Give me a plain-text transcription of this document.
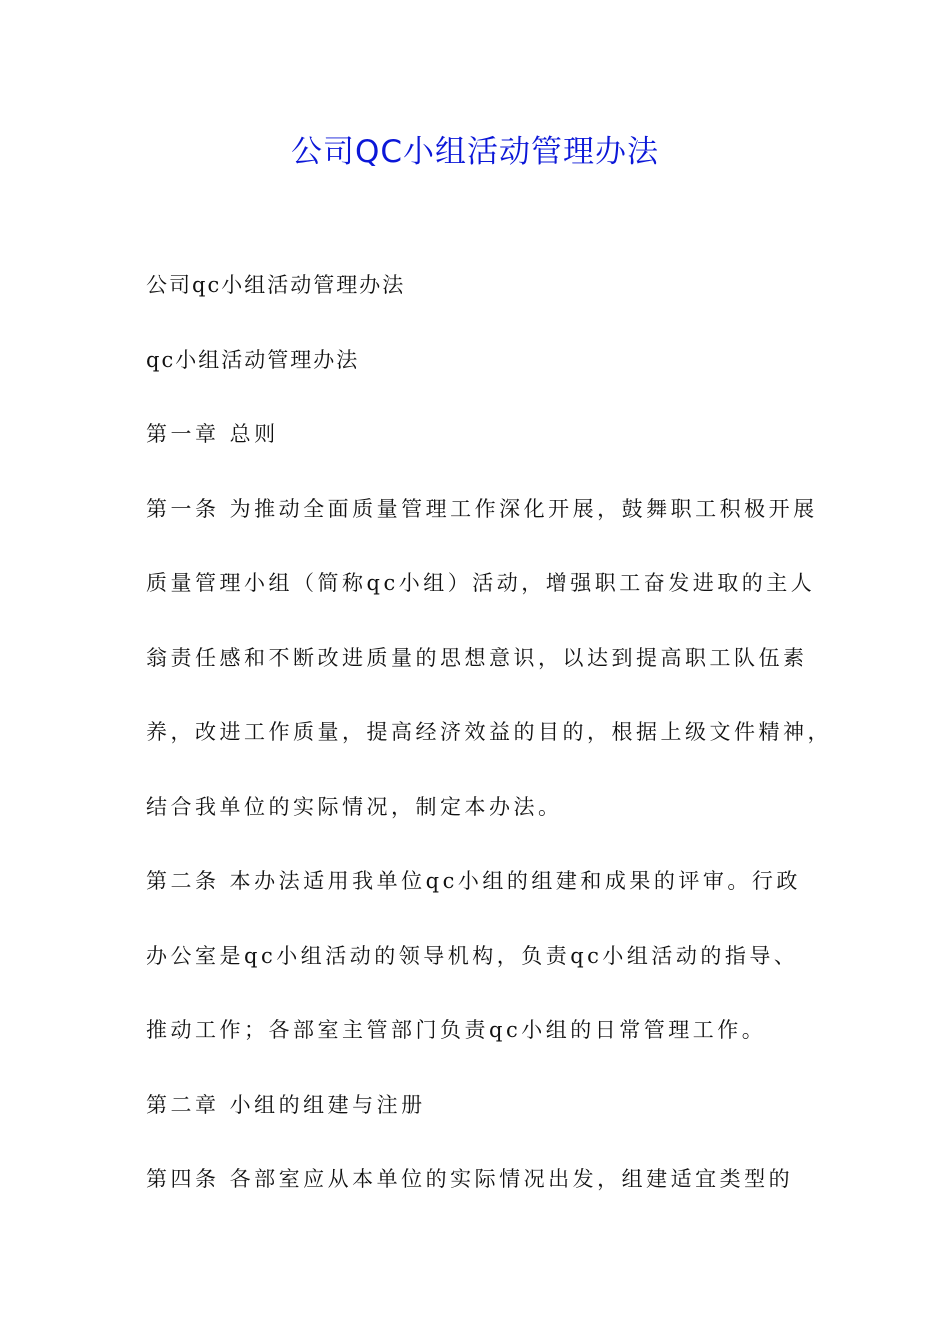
公司QC小组活动管理办法

公司qc小组活动管理办法

qc小组活动管理办法

第一章 总则

第一条 为推动全面质量管理工作深化开展，鼓舞职工积极开展

质量管理小组（简称qc小组）活动，增强职工奋发进取的主人

翁责任感和不断改进质量的思想意识，以达到提高职工队伍素

养，改进工作质量，提高经济效益的目的，根据上级文件精神，

结合我单位的实际情况，制定本办法。

第二条 本办法适用我单位qc小组的组建和成果的评审。行政

办公室是qc小组活动的领导机构，负责qc小组活动的指导、

推动工作；各部室主管部门负责qc小组的日常管理工作。

第二章 小组的组建与注册

第四条 各部室应从本单位的实际情况出发，组建适宜类型的
